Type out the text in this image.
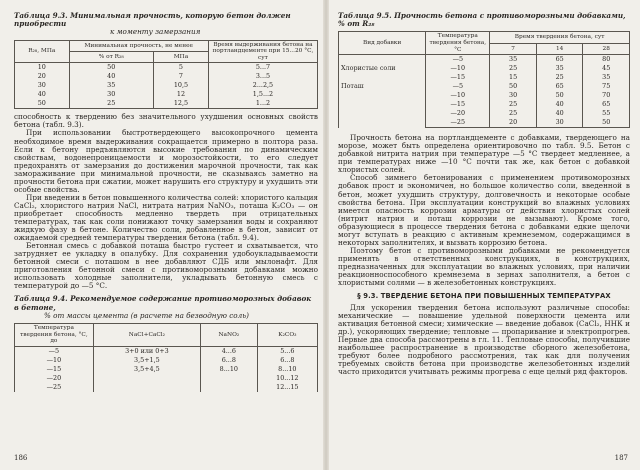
Таблица 9.3. Минимальная прочность, которую бетон должен приобрести
к моменту замерзания
R₂₈, МПа	Минимальная прочность, не менее		Время выдерживания бетона на портландцементе при 15...20 °С, сут
	% от R₂₈	МПа	
10	50	5	5...7
20	40	7	3...5
30	35	10,5	2...2,5
40	30	12	1,5...2
50	25	12,5	1...2

способность к твердению без значительного ухудшения основных свойств бетона (табл. 9.3).

При использовании быстротвердеющего высокопрочного цемента необходимое время выдерживания сокращается примерно в полтора раза. Если к бетону предъявляются высокие требования по динамическим свойствам, водонепроницаемости и морозостойкости, то его следует предохранять от замерзания до достижения марочной прочности, так как замораживание при минимальной прочности, не сказываясь заметно на прочности бетона при сжатии, может нарушить его структуру и ухудшить эти особые свойства.

При введении в бетон повышенного количества солей: хлористого кальция CaCl₂, хлористого натрия NaCl, нитрата натрия NaNO₃, поташа K₂CO₃ — он приобретает способность медленно твердеть при отрицательных температурах, так как соли понижают точку замерзания воды и сохраняют жидкую фазу в бетоне. Количество соли, добавленное в бетон, зависит от ожидаемой средней температуры твердения бетона (табл. 9.4).

Бетонная смесь с добавкой поташа быстро густеет и схватывается, что затрудняет ее укладку в опалубку. Для сохранения удобоукладываемости бетонной смеси с поташом в нее добавляют СДБ или мылонафт. Для приготовления бетонной смеси с противоморозными добавками можно использовать холодные заполнители, укладывать бетонную смесь с температурой до —5 °С.

Таблица 9.4. Рекомендуемое содержание противоморозных добавок в бетоне,
% от массы цемента (в расчете на безводную соль)
Температура твердения бетона, °С, до	NaCl+CaCl₂	NaNO₂	K₂CO₃
—5	3+0 или 0+3	4...6	5...6
—10	3,5+1,5	6...8	6...8
—15	3,5+4,5	8...10	8...10
—20			10...12
—25			12...15
186
Таблица 9.5. Прочность бетона с противоморозными добавками, % от R₂₈
Вид добавки	Температура твердения бетона, °С	Время твердения бетона, сут		
		7	14	28
Хлористые соли	—5	35	65	80
	—10	25	35	45
	—15	15	25	35
Поташ	—5	50	65	75
	—10	30	50	70
	—15	25	40	65
	—20	25	40	55
	—25	20	30	50

Прочность бетона на портландцементе с добавками, твердеющего на морозе, может быть определена ориентировочно по табл. 9.5. Бетон с добавкой нитрита натрия при температуре —5 °С твердеет медленнее, а при температурах ниже —10 °С почти так же, как бетон с добавкой хлористых солей.

Способ зимнего бетонирования с применением противоморозных добавок прост и экономичен, но большое количество соли, введенной в бетон, может ухудшить структуру, долговечность и некоторые особые свойства бетона. При эксплуатации конструкций во влажных условиях имеется опасность коррозии арматуры от действия хлористых солей (нитрит натрия и поташ коррозии не вызывают). Кроме того, образующиеся в процессе твердения бетона с добавками едкие щелочи могут вступать в реакцию с активным кремнеземом, содержащимся в некоторых заполнителях, и вызвать коррозию бетона.

Поэтому бетон с противоморозными добавками не рекомендуется применять в ответственных конструкциях, в конструкциях, предназначенных для эксплуатации во влажных условиях, при наличии реакционноспособного кремнезема в зернах заполнителя, а бетон с хлористыми солями — в железобетонных конструкциях.

§ 9.3. ТВЕРДЕНИЕ БЕТОНА ПРИ ПОВЫШЕННЫХ ТЕМПЕРАТУРАХ

Для ускорения твердения бетона используют различные способы: механические — повышение удельной поверхности цемента или активация бетонной смеси; химические — введение добавок (CaCl₂, ННК и др.), ускоряющих твердение; тепловые — пропаривание и электропрогрев. Первые два способа рассмотрены в гл. 11. Тепловые способы, получившие наибольшее распространение в производстве сборного железобетона, требуют более подробного рассмотрения, так как для получения требуемых свойств бетона при производстве железобетонных изделий часто приходится учитывать режимы прогрева с еще целый ряд факторов.

187
